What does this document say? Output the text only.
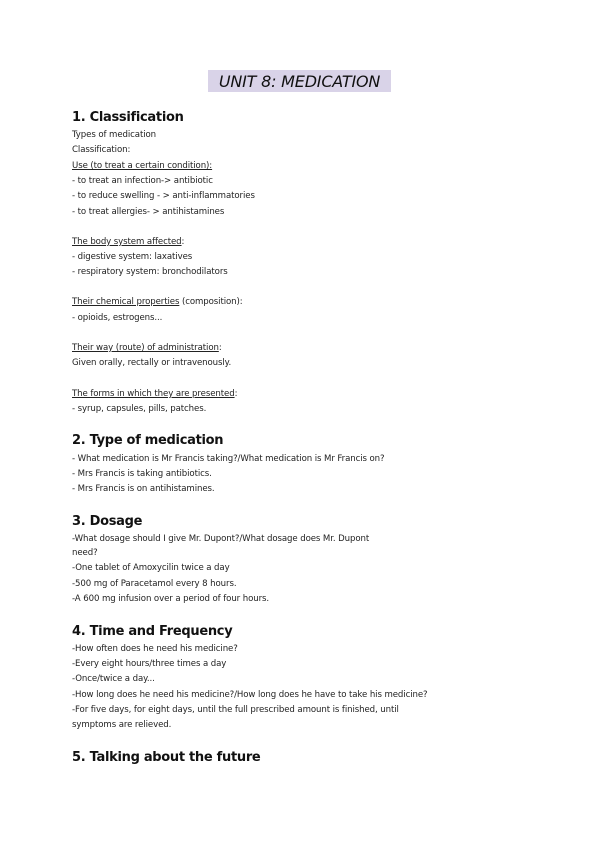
UNIT 8: MEDICATION
1. Classification
Types of medication
Classification:
Use (to treat a certain condition):
- to treat an infection-> antibiotic
- to reduce swelling - > anti-inflammatories
- to treat allergies- > antihistamines
The body system affected:
- digestive system: laxatives
- respiratory system: bronchodilators
Their chemical properties (composition):
- opioids, estrogens...
Their way (route) of administration:
Given orally, rectally or intravenously.
The forms in which they are presented:
- syrup, capsules, pills, patches.
2. Type of medication
- What medication is Mr Francis taking?/What medication is Mr Francis on?
- Mrs Francis is taking antibiotics.
- Mrs Francis is on antihistamines.
3. Dosage
-What dosage should I give Mr. Dupont?/What dosage does Mr. Dupont
need?
-One tablet of Amoxycilin twice a day
-500 mg of Paracetamol every 8 hours.
-A 600 mg infusion over a period of four hours.
4. Time and Frequency
-How often does he need his medicine?
-Every eight hours/three times a day
-Once/twice a day...
-How long does he need his medicine?/How long does he have to take his medicine?
-For five days, for eight days, until the full prescribed amount is finished, until
symptoms are relieved.
5. Talking about the future
